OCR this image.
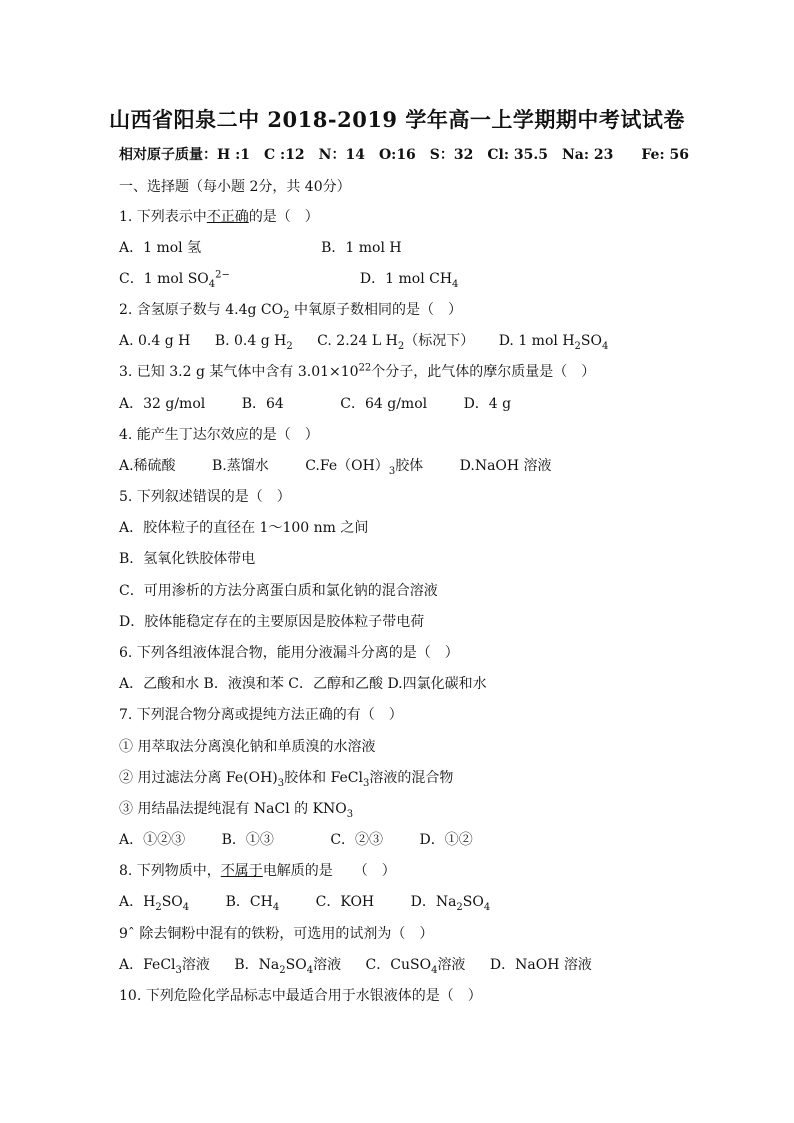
山西省阳泉二中 2018-2019 学年高一上学期期中考试试卷
相对原子质量：H :1　C :12　N：14　O:16　S：32　Cl: 35.5　Na: 23　　Fe: 56
一、选择题（每小题 2分，共 40分）
1. 下列表示中不正确的是（　）
A．1 mol 氢	B．1 mol H
C．1 mol $SO_4^{2-}$	D．1 mol $CH_4$
2. 含氢原子数与 4.4g $CO_2$ 中氧原子数相同的是（　）
A. 0.4 g H B. 0.4 g $H_2$ C. 2.24 L $H_2$（标况下） D. 1 mol $H_2SO_4$
3. 已知 3.2 g 某气体中含有 $3.01\times 10^{22}$个分子，此气体的摩尔质量是（　）
A．32 g/mol	B．64	C．64 g/mol	D．4 g
4. 能产生丁达尔效应的是（　）
A.稀硫酸	B.蒸馏水	$C.Fe(OH)_3$胶体	D.NaOH 溶液
5. 下列叙述错误的是（　）
A．胶体粒子的直径在 1～100 nm 之间
B．氢氧化铁胶体带电
C．可用渗析的方法分离蛋白质和氯化钠的混合溶液
D．胶体能稳定存在的主要原因是胶体粒子带电荷
6. 下列各组液体混合物，能用分液漏斗分离的是（　）
A．乙酸和水 B．液溴和苯 C．乙醇和乙酸 D.四氯化碳和水
7. 下列混合物分离或提纯方法正确的有（　）
① 用萃取法分离溴化钠和单质溴的水溶液
② 用过滤法分离 $Fe(OH)_3$胶体和 FeCl$_3$溶液的混合物
③ 用结晶法提纯混有 NaCl 的 $KNO_3$
A．①②③	B．①③	C．②③	D．①②
8. 下列物质中，不属于电解质的是　　（　）
A．$H_2SO_4$	B．$CH_4$	C．KOH	D．$Na_2SO_4$
9ˆ 除去铜粉中混有的铁粉，可选用的试剂为（　）
A．FeCl$_3$溶液 B．$Na_2SO_4$溶液 C．CuSO$_4$溶液 D．NaOH 溶液
10. 下列危险化学品标志中最适合用于水银液体的是（　）
